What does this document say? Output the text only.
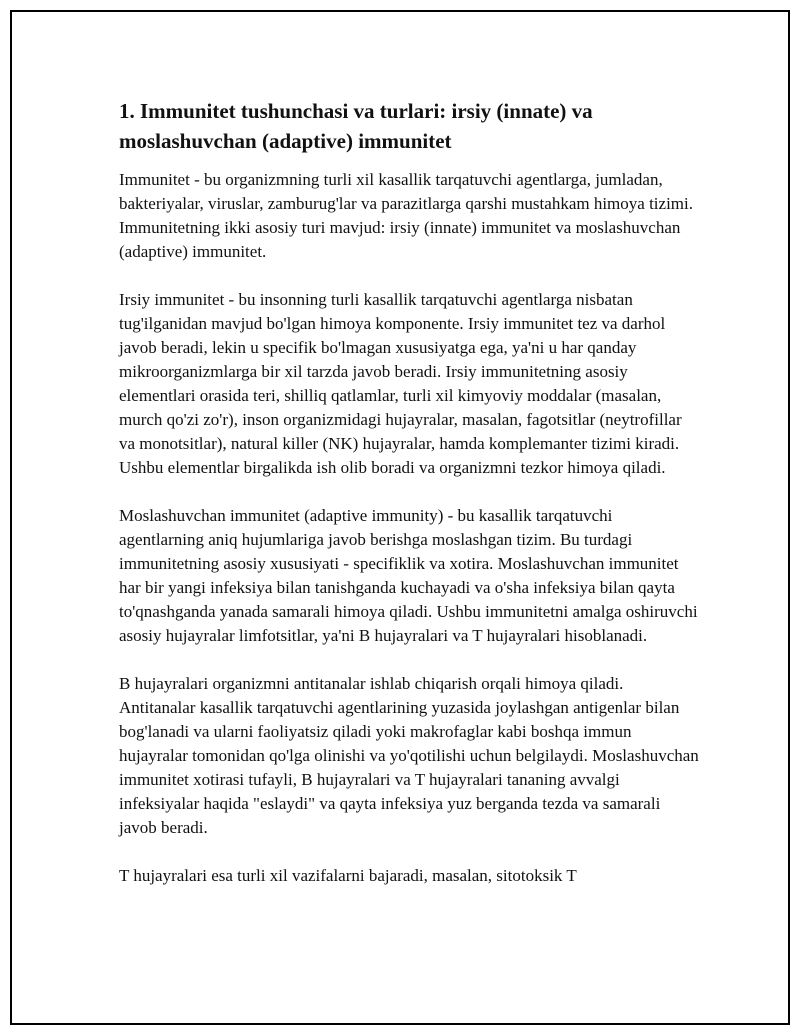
1. Immunitet tushunchasi va turlari: irsiy (innate) va moslashuvchan (adaptive) immunitet

Immunitet - bu organizmning turli xil kasallik tarqatuvchi agentlarga, jumladan, bakteriyalar, viruslar, zamburug'lar va parazitlarga qarshi mustahkam himoya tizimi. Immunitetning ikki asosiy turi mavjud: irsiy (innate) immunitet va moslashuvchan (adaptive) immunitet.

Irsiy immunitet - bu insonning turli kasallik tarqatuvchi agentlarga nisbatan tug'ilganidan mavjud bo'lgan himoya komponente. Irsiy immunitet tez va darhol javob beradi, lekin u specifik bo'lmagan xususiyatga ega, ya'ni u har qanday mikroorganizmlarga bir xil tarzda javob beradi. Irsiy immunitetning asosiy elementlari orasida teri, shilliq qatlamlar, turli xil kimyoviy moddalar (masalan, murch qo'zi zo'r), inson organizmidagi hujayralar, masalan, fagotsitlar (neytrofillar va monotsitlar), natural killer (NK) hujayralar, hamda komplemanter tizimi kiradi. Ushbu elementlar birgalikda ish olib boradi va organizmni tezkor himoya qiladi.

Moslashuvchan immunitet (adaptive immunity) - bu kasallik tarqatuvchi agentlarning aniq hujumlariga javob berishga moslashgan tizim. Bu turdagi immunitetning asosiy xususiyati - specifiklik va xotira. Moslashuvchan immunitet har bir yangi infeksiya bilan tanishganda kuchayadi va o'sha infeksiya bilan qayta to'qnashganda yanada samarali himoya qiladi. Ushbu immunitetni amalga oshiruvchi asosiy hujayralar limfotsitlar, ya'ni B hujayralari va T hujayralari hisoblanadi.

B hujayralari organizmni antitanalar ishlab chiqarish orqali himoya qiladi. Antitanalar kasallik tarqatuvchi agentlarining yuzasida joylashgan antigenlar bilan bog'lanadi va ularni faoliyatsiz qiladi yoki makrofaglar kabi boshqa immun hujayralar tomonidan qo'lga olinishi va yo'qotilishi uchun belgilaydi. Moslashuvchan immunitet xotirasi tufayli, B hujayralari va T hujayralari tananing avvalgi infeksiyalar haqida "eslaydi" va qayta infeksiya yuz berganda tezda va samarali javob beradi.

T hujayralari esa turli xil vazifalarni bajaradi, masalan, sitotoksik T
